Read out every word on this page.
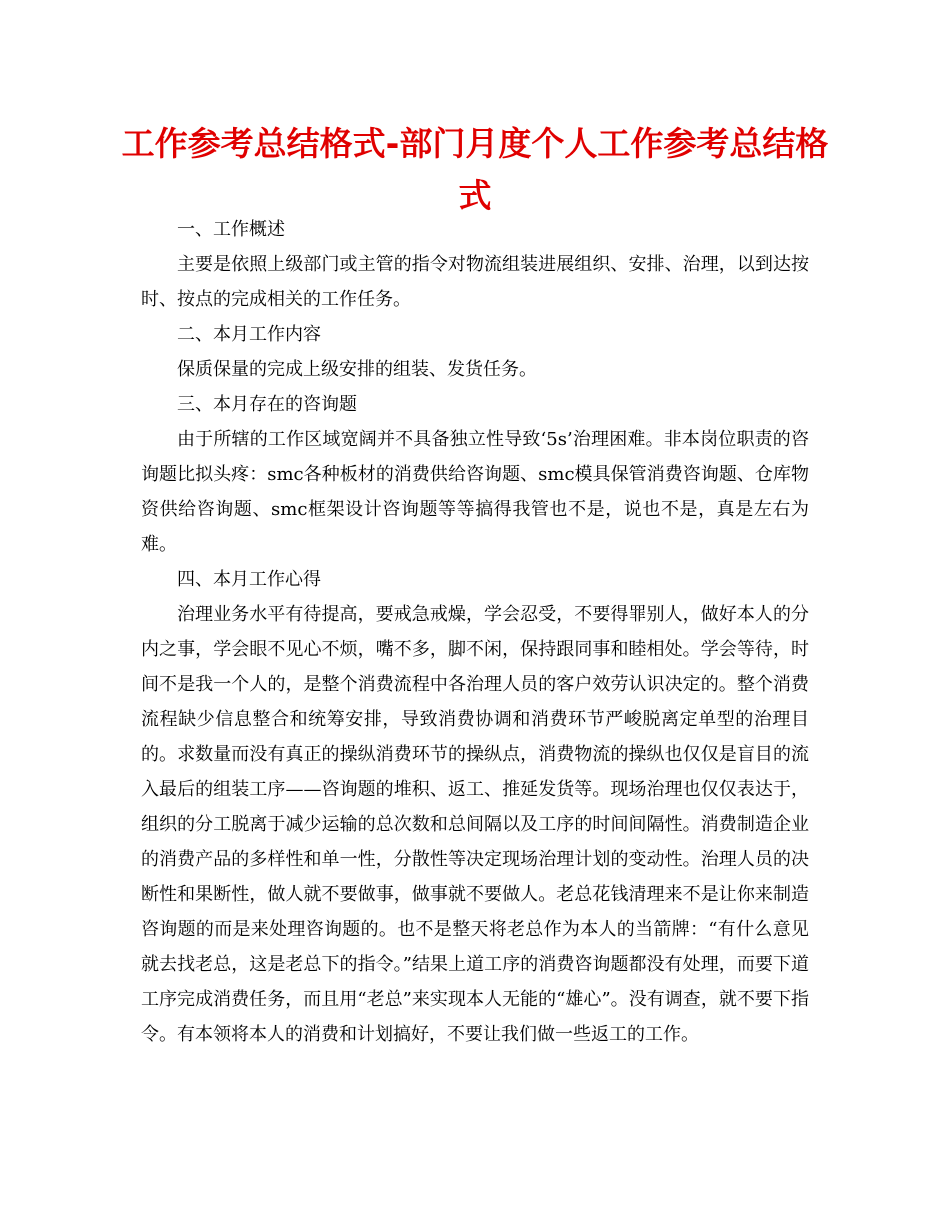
工作参考总结格式-部门月度个人工作参考总结格式

一、工作概述

主要是依照上级部门或主管的指令对物流组装进展组织、安排、治理，以到达按时、按点的完成相关的工作任务。

二、本月工作内容

保质保量的完成上级安排的组装、发货任务。

三、本月存在的咨询题

由于所辖的工作区域宽阔并不具备独立性导致‘5s’治理困难。非本岗位职责的咨询题比拟头疼：smc各种板材的消费供给咨询题、smc模具保管消费咨询题、仓库物资供给咨询题、smc框架设计咨询题等等搞得我管也不是，说也不是，真是左右为难。

四、本月工作心得

治理业务水平有待提高，要戒急戒燥，学会忍受，不要得罪别人，做好本人的分内之事，学会眼不见心不烦，嘴不多，脚不闲，保持跟同事和睦相处。学会等待，时间不是我一个人的，是整个消费流程中各治理人员的客户效劳认识决定的。整个消费流程缺少信息整合和统筹安排，导致消费协调和消费环节严峻脱离定单型的治理目的。求数量而没有真正的操纵消费环节的操纵点，消费物流的操纵也仅仅是盲目的流入最后的组装工序——咨询题的堆积、返工、推延发货等。现场治理也仅仅表达于，组织的分工脱离于减少运输的总次数和总间隔以及工序的时间间隔性。消费制造企业的消费产品的多样性和单一性，分散性等决定现场治理计划的变动性。治理人员的决断性和果断性，做人就不要做事，做事就不要做人。老总花钱清理来不是让你来制造咨询题的而是来处理咨询题的。也不是整天将老总作为本人的当箭牌：“有什么意见就去找老总，这是老总下的指令。”结果上道工序的消费咨询题都没有处理，而要下道工序完成消费任务，而且用“老总”来实现本人无能的“雄心”。没有调查，就不要下指令。有本领将本人的消费和计划搞好，不要让我们做一些返工的工作。
